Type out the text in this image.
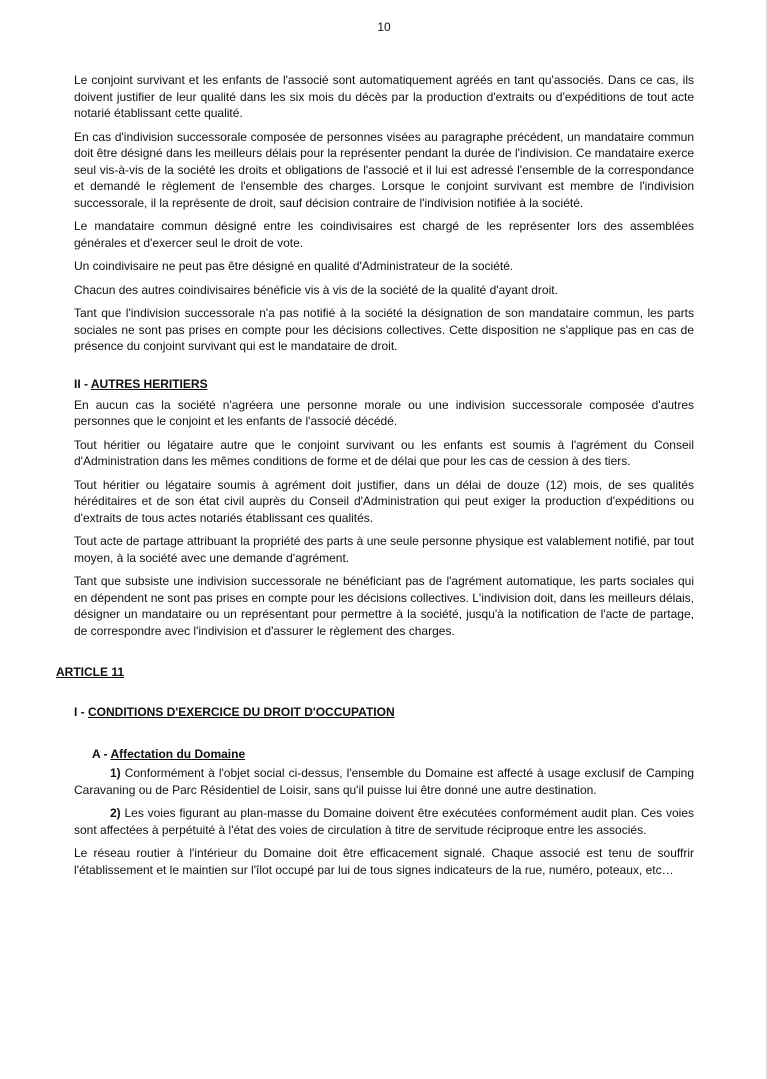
10

Le conjoint survivant et les enfants de l'associé sont automatiquement agréés en tant qu'associés. Dans ce cas, ils doivent justifier de leur qualité dans les six mois du décès par la production d'extraits ou d'expéditions de tout acte notarié établissant cette qualité.

En cas d'indivision successorale composée de personnes visées au paragraphe précédent, un mandataire commun doit être désigné dans les meilleurs délais pour la représenter pendant la durée de l'indivision. Ce mandataire exerce seul vis-à-vis de la société les droits et obligations de l'associé et il lui est adressé l'ensemble de la correspondance et demandé le règlement de l'ensemble des charges. Lorsque le conjoint survivant est membre de l'indivision successorale, il la représente de droit, sauf décision contraire de l'indivision notifiée à la société.

Le mandataire commun désigné entre les coindivisaires est chargé de les représenter lors des assemblées générales et d'exercer seul le droit de vote.

Un coindivisaire ne peut pas être désigné en qualité d'Administrateur de la société.

Chacun des autres coindivisaires bénéficie vis à vis de la société de la qualité d'ayant droit.

Tant que l'indivision successorale n'a pas notifié à la société la désignation de son mandataire commun, les parts sociales ne sont pas prises en compte pour les décisions collectives. Cette disposition ne s'applique pas en cas de présence du conjoint survivant qui est le mandataire de droit.

II - AUTRES HERITIERS

En aucun cas la société n'agréera une personne morale ou une indivision successorale composée d'autres personnes que le conjoint et les enfants de l'associé décédé.

Tout héritier ou légataire autre que le conjoint survivant ou les enfants est soumis à l'agrément du Conseil d'Administration dans les mêmes conditions de forme et de délai que pour les cas de cession à des tiers.

Tout héritier ou légataire soumis à agrément doit justifier, dans un délai de douze (12) mois, de ses qualités héréditaires et de son état civil auprès du Conseil d'Administration qui peut exiger la production d'expéditions ou d'extraits de tous actes notariés établissant ces qualités.

Tout acte de partage attribuant la propriété des parts à une seule personne physique est valablement notifié, par tout moyen, à la société avec une demande d'agrément.

Tant que subsiste une indivision successorale ne bénéficiant pas de l'agrément automatique, les parts sociales qui en dépendent ne sont pas prises en compte pour les décisions collectives. L'indivision doit, dans les meilleurs délais, désigner un mandataire ou un représentant pour permettre à la société, jusqu'à la notification de l'acte de partage, de correspondre avec l'indivision et d'assurer le règlement des charges.

ARTICLE 11
I - CONDITIONS D'EXERCICE DU DROIT D'OCCUPATION
A - Affectation du Domaine

1) Conformément à l'objet social ci-dessus, l'ensemble du Domaine est affecté à usage exclusif de Camping Caravaning ou de Parc Résidentiel de Loisir, sans qu'il puisse lui être donné une autre destination.

2) Les voies figurant au plan-masse du Domaine doivent être exécutées conformément audit plan. Ces voies sont affectées à perpétuité à l'état des voies de circulation à titre de servitude réciproque entre les associés.

Le réseau routier à l'intérieur du Domaine doit être efficacement signalé. Chaque associé est tenu de souffrir l'établissement et le maintien sur l'îlot occupé par lui de tous signes indicateurs de la rue, numéro, poteaux, etc…
